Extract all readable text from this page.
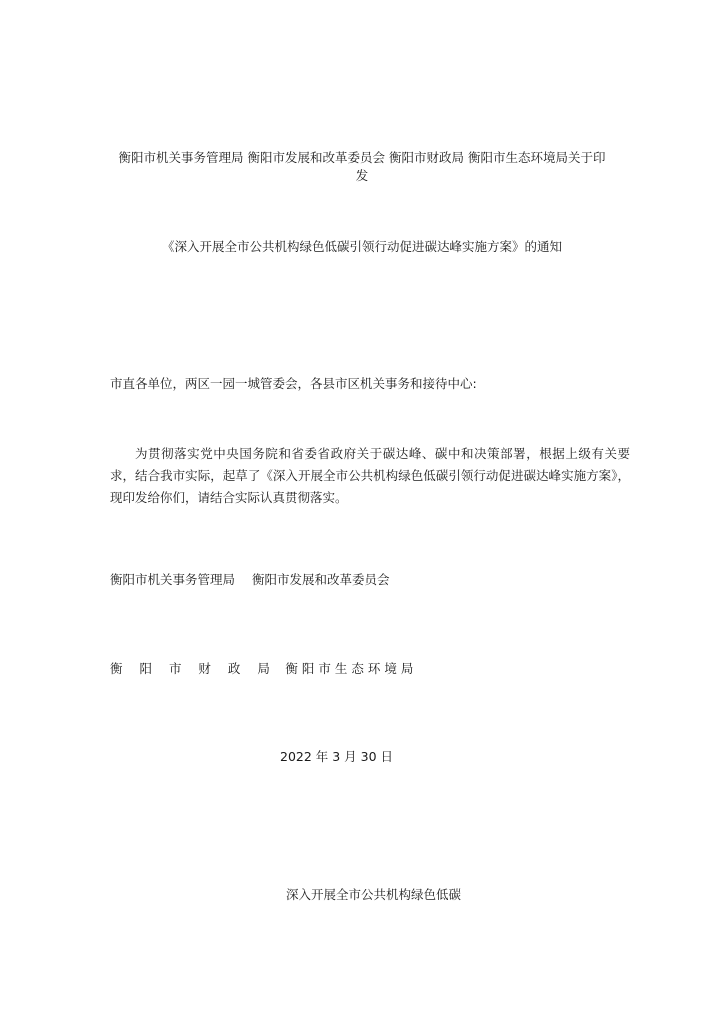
衡阳市机关事务管理局 衡阳市发展和改革委员会 衡阳市财政局 衡阳市生态环境局关于印
发
《深入开展全市公共机构绿色低碳引领行动促进碳达峰实施方案》的通知
市直各单位，两区一园一城管委会，各县市区机关事务和接待中心:
为贯彻落实党中央国务院和省委省政府关于碳达峰、碳中和决策部署，根据上级有关要求，结合我市实际，起草了《深入开展全市公共机构绿色低碳引领行动促进碳达峰实施方案》，现印发给你们，请结合实际认真贯彻落实。
衡阳市机关事务管理局 衡阳市发展和改革委员会
衡 阳 市 财 政 局 衡阳市生态环境局
2022 年 3 月 30 日
深入开展全市公共机构绿色低碳
